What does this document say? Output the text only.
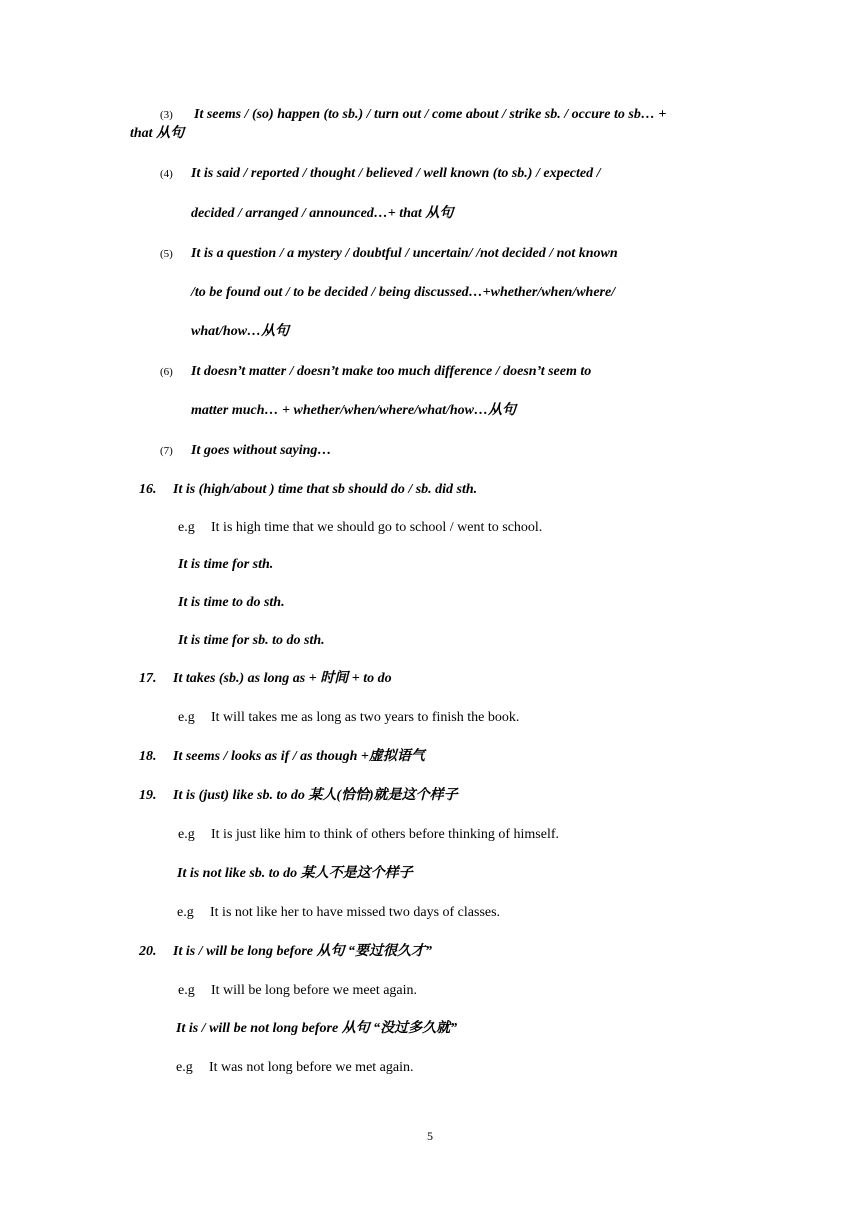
(3) It seems / (so) happen (to sb.) / turn out / come about / strike sb. / occure to sb… +
that 从句
(4) It is said / reported / thought / believed / well known (to sb.) / expected /
decided / arranged / announced…+ that 从句
(5) It is a question / a mystery / doubtful / uncertain/ /not decided / not known
/to be found out / to be decided / being discussed…+whether/when/where/
what/how…从句
(6) It doesn’t matter / doesn’t make too much difference / doesn’t seem to
matter much… + whether/when/where/what/how…从句
(7) It goes without saying…
16. It is (high/about ) time that sb should do / sb. did sth.
e.g It is high time that we should go to school / went to school.
It is time for sth.
It is time to do sth.
It is time for sb. to do sth.
17. It takes (sb.) as long as + 时间 + to do
e.g It will takes me as long as two years to finish the book.
18. It seems / looks as if / as though +虚拟语气
19. It is (just) like sb. to do 某人(恰恰)就是这个样子
e.g It is just like him to think of others before thinking of himself.
It is not like sb. to do 某人不是这个样子
e.g It is not like her to have missed two days of classes.
20. It is / will be long before 从句 “要过很久才”
e.g It will be long before we meet again.
It is / will be not long before 从句 “没过多久就”
e.g It was not long before we met again.
5
